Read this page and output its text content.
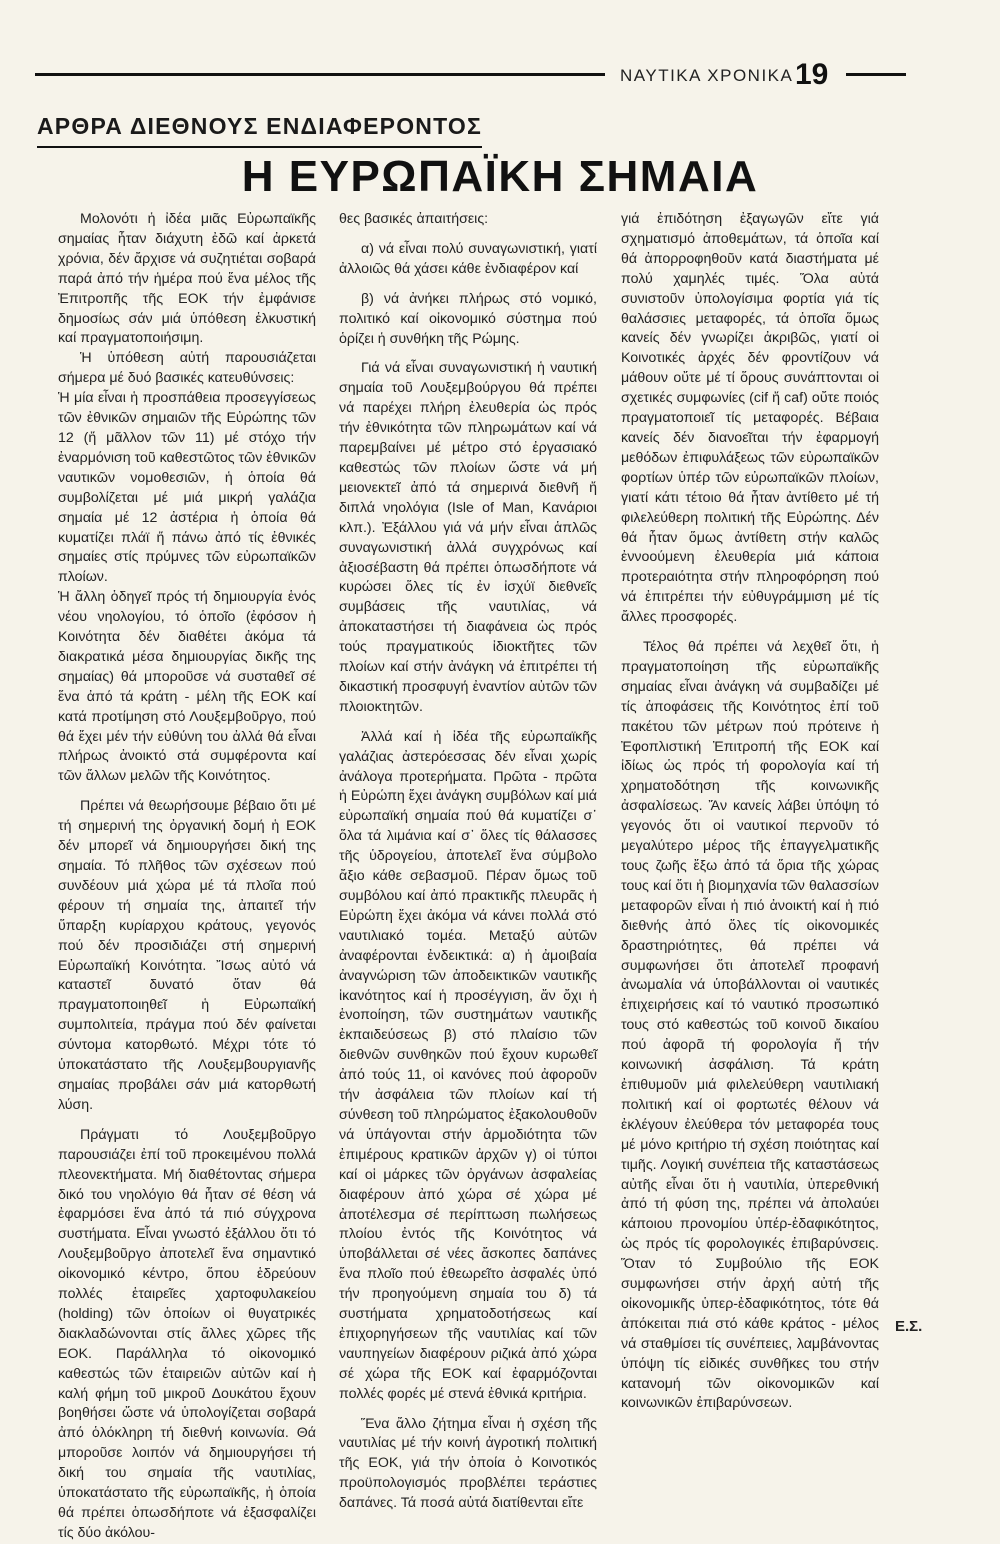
ΝΑΥΤΙΚΑ ΧΡΟΝΙΚΑ 19
ΑΡΘΡΑ ΔΙΕΘΝΟΥΣ ΕΝΔΙΑΦΕΡΟΝΤΟΣ
Η ΕΥΡΩΠΑΪΚΗ ΣΗΜΑΙΑ

Μολονότι ἡ ἰδέα μιᾶς Εὐρωπαϊκῆς σημαίας ἦταν διάχυτη ἐδῶ καί ἀρκετά χρόνια, δέν ἄρχισε νά συζητιέται σοβαρά παρά ἀπό τήν ἡμέρα πού ἕνα μέλος τῆς Ἐπιτροπῆς τῆς ΕΟΚ τήν ἐμφάνισε δημοσίως σάν μιά ὑπόθεση ἑλκυστική καί πραγματοποιήσιμη.

Ἡ ὑπόθεση αὐτή παρουσιάζεται σήμερα μέ δυό βασικές κατευθύνσεις:

Ἡ μία εἶναι ἡ προσπάθεια προσεγγίσεως τῶν ἐθνικῶν σημαιῶν τῆς Εὐρώπης τῶν 12 (ἤ μᾶλλον τῶν 11) μέ στόχο τήν ἐναρμόνιση τοῦ καθεστῶτος τῶν ἐθνικῶν ναυτικῶν νομοθεσιῶν, ἡ ὁποία θά συμβολίζεται μέ μιά μικρή γαλάζια σημαία μέ 12 ἀστέρια ἡ ὁποία θά κυματίζει πλάϊ ἤ πάνω ἀπό τίς ἐθνικές σημαίες στίς πρύμνες τῶν εὐρωπαϊκῶν πλοίων.

Ἡ ἄλλη ὁδηγεῖ πρός τή δημιουργία ἑνός νέου νηολογίου, τό ὁποῖο (ἐφόσον ἡ Κοινότητα δέν διαθέτει ἀκόμα τά διακρατικά μέσα δημιουργίας δικῆς της σημαίας) θά μποροῦσε νά συσταθεῖ σέ ἕνα ἀπό τά κράτη - μέλη τῆς ΕΟΚ καί κατά προτίμηση στό Λουξεμβοῦργο, πού θά ἔχει μέν τήν εὐθύνη του ἀλλά θά εἶναι πλήρως ἀνοικτό στά συμφέροντα καί τῶν ἄλλων μελῶν τῆς Κοινότητος.

Πρέπει νά θεωρήσουμε βέβαιο ὅτι μέ τή σημερινή της ὀργανική δομή ἡ ΕΟΚ δέν μπορεῖ νά δημιουργήσει δική της σημαία. Τό πλῆθος τῶν σχέσεων πού συνδέουν μιά χώρα μέ τά πλοῖα πού φέρουν τή σημαία της, ἀπαιτεῖ τήν ὕπαρξη κυρίαρχου κράτους, γεγονός πού δέν προσιδιάζει στή σημερινή Εὐρωπαϊκή Κοινότητα. Ἴσως αὐτό νά καταστεῖ δυνατό ὅταν θά πραγματοποιηθεῖ ἡ Εὐρωπαϊκή συμπολιτεία, πράγμα πού δέν φαίνεται σύντομα κατορθωτό. Μέχρι τότε τό ὑποκατάστατο τῆς Λουξεμβουργιανῆς σημαίας προβάλει σάν μιά κατορθωτή λύση.

Πράγματι τό Λουξεμβοῦργο παρουσιάζει ἐπί τοῦ προκειμένου πολλά πλεονεκτήματα. Μή διαθέτοντας σήμερα δικό του νηολόγιο θά ἦταν σέ θέση νά ἐφαρμόσει ἕνα ἀπό τά πιό σύγχρονα συστήματα. Εἶναι γνωστό ἐξάλλου ὅτι τό Λουξεμβοῦργο ἀποτελεῖ ἕνα σημαντικό οἰκονομικό κέντρο, ὅπου ἑδρεύουν πολλές ἑταιρεῖες χαρτοφυλακείου (holding) τῶν ὁποίων οἱ θυγατρικές διακλαδώνονται στίς ἄλλες χῶρες τῆς ΕΟΚ. Παράλληλα τό οἰκονομικό καθεστώς τῶν ἑταιρειῶν αὐτῶν καί ἡ καλή φήμη τοῦ μικροῦ Δουκάτου ἔχουν βοηθήσει ὥστε νά ὑπολογίζεται σοβαρά ἀπό ὁλόκληρη τή διεθνή κοινωνία. Θά μποροῦσε λοιπόν νά δημιουργήσει τή δική του σημαία τῆς ναυτιλίας, ὑποκατάστατο τῆς εὐρωπαϊκῆς, ἡ ὁποία θά πρέπει ὁπωσδήποτε νά ἐξασφαλίζει τίς δύο ἀκόλου-

θες βασικές ἀπαιτήσεις:

α) νά εἶναι πολύ συναγωνιστική, γιατί ἀλλοιῶς θά χάσει κάθε ἐνδιαφέρον καί

β) νά ἀνήκει πλήρως στό νομικό, πολιτικό καί οἰκονομικό σύστημα πού ὁρίζει ἡ συνθήκη τῆς Ρώμης.

Γιά νά εἶναι συναγωνιστική ἡ ναυτική σημαία τοῦ Λουξεμβούργου θά πρέπει νά παρέχει πλήρη ἐλευθερία ὡς πρός τήν ἐθνικότητα τῶν πληρωμάτων καί νά παρεμβαίνει μέ μέτρο στό ἐργασιακό καθεστώς τῶν πλοίων ὥστε νά μή μειονεκτεῖ ἀπό τά σημερινά διεθνῆ ἤ διπλά νηολόγια (Isle of Man, Κανάριοι κλπ.). Ἐξάλλου γιά νά μήν εἶναι ἁπλῶς συναγωνιστική ἀλλά συγχρόνως καί ἀξιοσέβαστη θά πρέπει ὁπωσδήποτε νά κυρώσει ὅλες τίς ἐν ἰσχύϊ διεθνεῖς συμβάσεις τῆς ναυτιλίας, νά ἀποκαταστήσει τή διαφάνεια ὡς πρός τούς πραγματικούς ἰδιοκτῆτες τῶν πλοίων καί στήν ἀνάγκη νά ἐπιτρέπει τή δικαστική προσφυγή ἐναντίον αὐτῶν τῶν πλοιοκτητῶν.

Ἀλλά καί ἡ ἰδέα τῆς εὐρωπαϊκῆς γαλάζιας ἀστερόεσσας δέν εἶναι χωρίς ἀνάλογα προτερήματα. Πρῶτα - πρῶτα ἡ Εὐρώπη ἔχει ἀνάγκη συμβόλων καί μιά εὐρωπαϊκή σημαία πού θά κυματίζει σ᾽ ὅλα τά λιμάνια καί σ᾽ ὅλες τίς θάλασσες τῆς ὑδρογείου, ἀποτελεῖ ἕνα σύμβολο ἄξιο κάθε σεβασμοῦ. Πέραν ὅμως τοῦ συμβόλου καί ἀπό πρακτικῆς πλευρᾶς ἡ Εὐρώπη ἔχει ἀκόμα νά κάνει πολλά στό ναυτιλιακό τομέα. Μεταξύ αὐτῶν ἀναφέρονται ἐνδεικτικά: α) ἡ ἀμοιβαία ἀναγνώριση τῶν ἀποδεικτικῶν ναυτικῆς ἱκανότητος καί ἡ προσέγγιση, ἄν ὄχι ἡ ἑνοποίηση, τῶν συστημάτων ναυτικῆς ἐκπαιδεύσεως β) στό πλαίσιο τῶν διεθνῶν συνθηκῶν πού ἔχουν κυρωθεῖ ἀπό τούς 11, οἱ κανόνες πού ἀφοροῦν τήν ἀσφάλεια τῶν πλοίων καί τή σύνθεση τοῦ πληρώματος ἐξακολουθοῦν νά ὑπάγονται στήν ἁρμοδιότητα τῶν ἐπιμέρους κρατικῶν ἀρχῶν γ) οἱ τύποι καί οἱ μάρκες τῶν ὀργάνων ἀσφαλείας διαφέρουν ἀπό χώρα σέ χώρα μέ ἀποτέλεσμα σέ περίπτωση πωλήσεως πλοίου ἐντός τῆς Κοινότητος νά ὑποβάλλεται σέ νέες ἄσκοπες δαπάνες ἕνα πλοῖο πού ἐθεωρεῖτο ἀσφαλές ὑπό τήν προηγούμενη σημαία του δ) τά συστήματα χρηματοδοτήσεως καί ἐπιχορηγήσεων τῆς ναυτιλίας καί τῶν ναυπηγείων διαφέρουν ριζικά ἀπό χώρα σέ χώρα τῆς ΕΟΚ καί ἐφαρμόζονται πολλές φορές μέ στενά ἐθνικά κριτήρια.

Ἕνα ἄλλο ζήτημα εἶναι ἡ σχέση τῆς ναυτιλίας μέ τήν κοινή ἀγροτική πολιτική τῆς ΕΟΚ, γιά τήν ὁποία ὁ Κοινοτικός προϋπολογισμός προβλέπει τεράστιες δαπάνες. Τά ποσά αὐτά διατίθενται εἴτε

γιά ἐπιδότηση ἐξαγωγῶν εἴτε γιά σχηματισμό ἀποθεμάτων, τά ὁποῖα καί θά ἀπορροφηθοῦν κατά διαστήματα μέ πολύ χαμηλές τιμές. Ὅλα αὐτά συνιστοῦν ὑπολογίσιμα φορτία γιά τίς θαλάσσιες μεταφορές, τά ὁποῖα ὅμως κανείς δέν γνωρίζει ἀκριβῶς, γιατί οἱ Κοινοτικές ἀρχές δέν φροντίζουν νά μάθουν οὔτε μέ τί ὅρους συνάπτονται οἱ σχετικές συμφωνίες (cif ἤ caf) οὔτε ποιός πραγματοποιεῖ τίς μεταφορές. Βέβαια κανείς δέν διανοεῖται τήν ἐφαρμογή μεθόδων ἐπιφυλάξεως τῶν εὐρωπαϊκῶν φορτίων ὑπέρ τῶν εὐρωπαϊκῶν πλοίων, γιατί κάτι τέτοιο θά ἦταν ἀντίθετο μέ τή φιλελεύθερη πολιτική τῆς Εὐρώπης. Δέν θά ἦταν ὅμως ἀντίθετη στήν καλῶς ἐννοούμενη ἐλευθερία μιά κάποια προτεραιότητα στήν πληροφόρηση πού νά ἐπιτρέπει τήν εὐθυγράμμιση μέ τίς ἄλλες προσφορές.

Τέλος θά πρέπει νά λεχθεῖ ὅτι, ἡ πραγματοποίηση τῆς εὐρωπαϊκῆς σημαίας εἶναι ἀνάγκη νά συμβαδίζει μέ τίς ἀποφάσεις τῆς Κοινότητος ἐπί τοῦ πακέτου τῶν μέτρων πού πρότεινε ἡ Ἐφοπλιστική Ἐπιτροπή τῆς ΕΟΚ καί ἰδίως ὡς πρός τή φορολογία καί τή χρηματοδότηση τῆς κοινωνικῆς ἀσφαλίσεως. Ἄν κανείς λάβει ὑπόψη τό γεγονός ὅτι οἱ ναυτικοί περνοῦν τό μεγαλύτερο μέρος τῆς ἐπαγγελματικῆς τους ζωῆς ἔξω ἀπό τά ὅρια τῆς χώρας τους καί ὅτι ἡ βιομηχανία τῶν θαλασσίων μεταφορῶν εἶναι ἡ πιό ἀνοικτή καί ἡ πιό διεθνής ἀπό ὅλες τίς οἰκονομικές δραστηριότητες, θά πρέπει νά συμφωνήσει ὅτι ἀποτελεῖ προφανή ἀνωμαλία νά ὑποβάλλονται οἱ ναυτικές ἐπιχειρήσεις καί τό ναυτικό προσωπικό τους στό καθεστώς τοῦ κοινοῦ δικαίου πού ἀφορᾶ τή φορολογία ἤ τήν κοινωνική ἀσφάλιση. Τά κράτη ἐπιθυμοῦν μιά φιλελεύθερη ναυτιλιακή πολιτική καί οἱ φορτωτές θέλουν νά ἐκλέγουν ἐλεύθερα τόν μεταφορέα τους μέ μόνο κριτήριο τή σχέση ποιότητας καί τιμῆς. Λογική συνέπεια τῆς καταστάσεως αὐτῆς εἶναι ὅτι ἡ ναυτιλία, ὑπερεθνική ἀπό τή φύση της, πρέπει νά ἀπολαύει κάποιου προνομίου ὑπέρ-ἐδαφικότητος, ὡς πρός τίς φορολογικές ἐπιβαρύνσεις. Ὅταν τό Συμβούλιο τῆς ΕΟΚ συμφωνήσει στήν ἀρχή αὐτή τῆς οἰκονομικῆς ὑπερ-ἐδαφικότητος, τότε θά ἀπόκειται πιά στό κάθε κράτος - μέλος νά σταθμίσει τίς συνέπειες, λαμβάνοντας ὑπόψη τίς εἰδικές συνθῆκες του στήν κατανομή τῶν οἰκονομικῶν καί κοινωνικῶν ἐπιβαρύνσεων.

Ε.Σ.
